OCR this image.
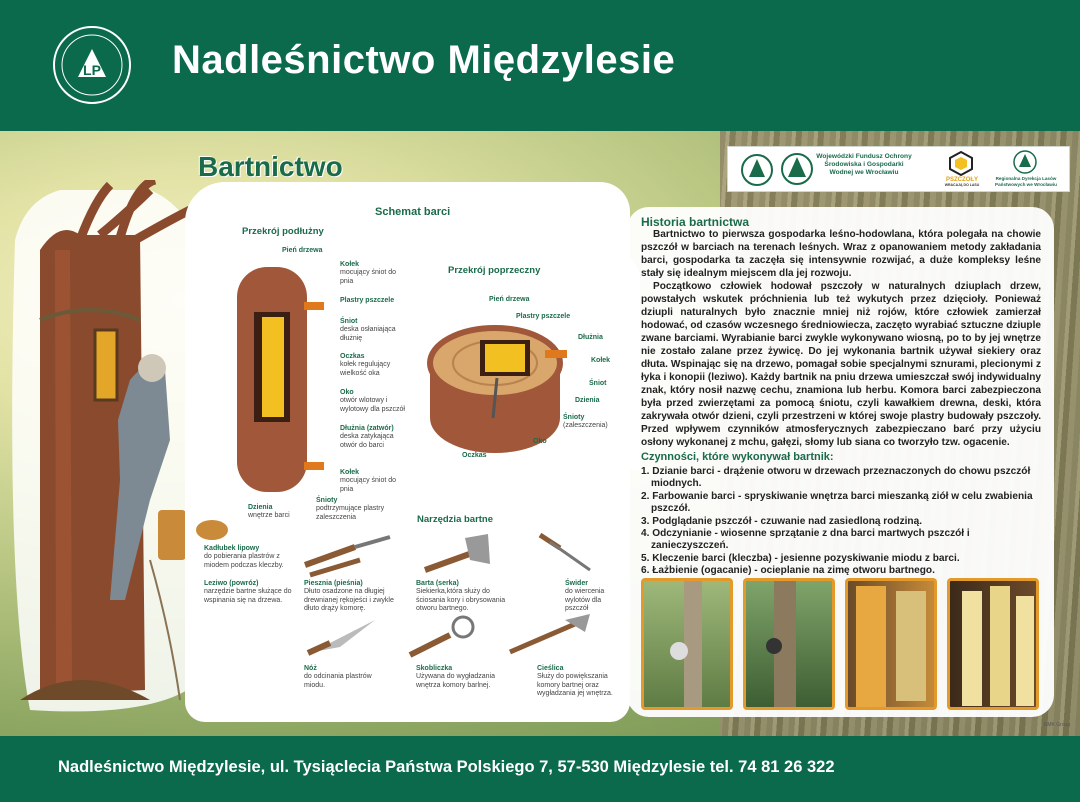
LP Nadleśnictwo Międzylesie
Bartnictwo
Schemat barci
Przekrój podłużny
Pień drzewa
Kołek
mocujący śniot do pnia
Plastry pszczele
Śniot
deska osłaniająca dłużnię
Oczkas
kołek regulujący wielkość oka
Oko
otwór wlotowy i wylotowy dla pszczół
Dłużnia (zatwór)
deska zatykająca otwór do barci
Kołek
mocujący śniot do pnia
Dzienia
wnętrze barci
Śnioty
podtrzymujące plastry zaleszczenia
Przekrój poprzeczny
Pień drzewa
Plastry pszczele
Dłużnia
Kołek
Śniot
Dzienia
Śnioty
(zaleszczenia)
Oko
Oczkas
Narzędzia bartne
Kadłubek lipowy
do pobierania plastrów z miodem podczas kleczby.
Leziwo (powróz)
narzędzie bartne służące do wspinania się na drzewa.
Piesznia (pieśnia)
Dłuto osadzone na długiej drewnianej rękojeści i zwykle dłuto drąży komorę.
Barta (serka)
Siekierka,która służy do ściosania kory i obrysowania otworu bartnego.
Świder
do wiercenia wylotów dla pszczół
Nóż
do odcinania plastrów miodu.
Skobliczka
Używana do wygładzania wnętrza komory barlnej.
Cieślica
Służy do powiększania komory bartnej oraz wygładzania jej wnętrza.
Wojewódzki Fundusz Ochrony Środowiska i Gospodarki Wodnej we Wrocławiu
PSZCZOŁY
WRACAJĄ DO LASU
Regionalna Dyrekcja Lasów Państwowych we Wrocławiu
Historia bartnictwa
Bartnictwo to pierwsza gospodarka leśno-hodowlana, która polegała na chowie pszczół w barciach na terenach leśnych. Wraz z opanowaniem metody zakładania barci, gospodarka ta zaczęła się intensywnie rozwijać, a duże kompleksy leśne stały się idealnym miejscem dla jej rozwoju.
Początkowo człowiek hodował pszczoły w naturalnych dziuplach drzew, powstałych wskutek próchnienia lub też wykutych przez dzięcioły. Ponieważ dziupli naturalnych było znacznie mniej niż rojów, które człowiek zamierzał hodować, od czasów wczesnego średniowiecza, zaczęto wyrabiać sztuczne dziuple zwane barciami. Wyrabianie barci zwykle wykonywano wiosną, po to by jej wnętrze nie zostało zalane przez żywicę. Do jej wykonania bartnik używał siekiery oraz dłuta. Wspinając się na drzewo, pomagał sobie specjalnymi sznurami, plecionymi z łyka i konopii (leziwo). Każdy bartnik na pniu drzewa umieszczał swój indywidualny znak, który nosił nazwę cechu, znamiona lub herbu. Komora barci zabezpieczona była przed zwierzętami za pomocą śniotu, czyli kawałkiem drewna, deski, która zakrywała otwór dzieni, czyli przestrzeni w której swoje plastry budowały pszczoły. Przed wpływem czynników atmosferycznych zabezpieczano barć przy użyciu osłony wykonanej z mchu, gałęzi, słomy lub siana co tworzyło tzw. ogacenie.
Czynności, które wykonywał bartnik:
1. Dzianie barci - drążenie otworu w drzewach przeznaczonych do chowu pszczół miodnych.
2. Farbowanie barci - spryskiwanie wnętrza barci mieszanką ziół w celu zwabienia pszczół.
3. Podglądanie pszczół - czuwanie nad zasiedloną rodziną.
4. Odczynianie - wiosenne sprzątanie z dna barci martwych pszczół i zanieczyszczeń.
5. Kleczenie barci (kleczba) - jesienne pozyskiwanie miodu z barci.
6. Łażbienie (ogacanie) - ocieplanie na zimę otworu bartnego.
KMK Group
Nadleśnictwo Międzylesie, ul. Tysiąclecia Państwa Polskiego 7, 57-530 Międzylesie tel. 74 81 26 322
